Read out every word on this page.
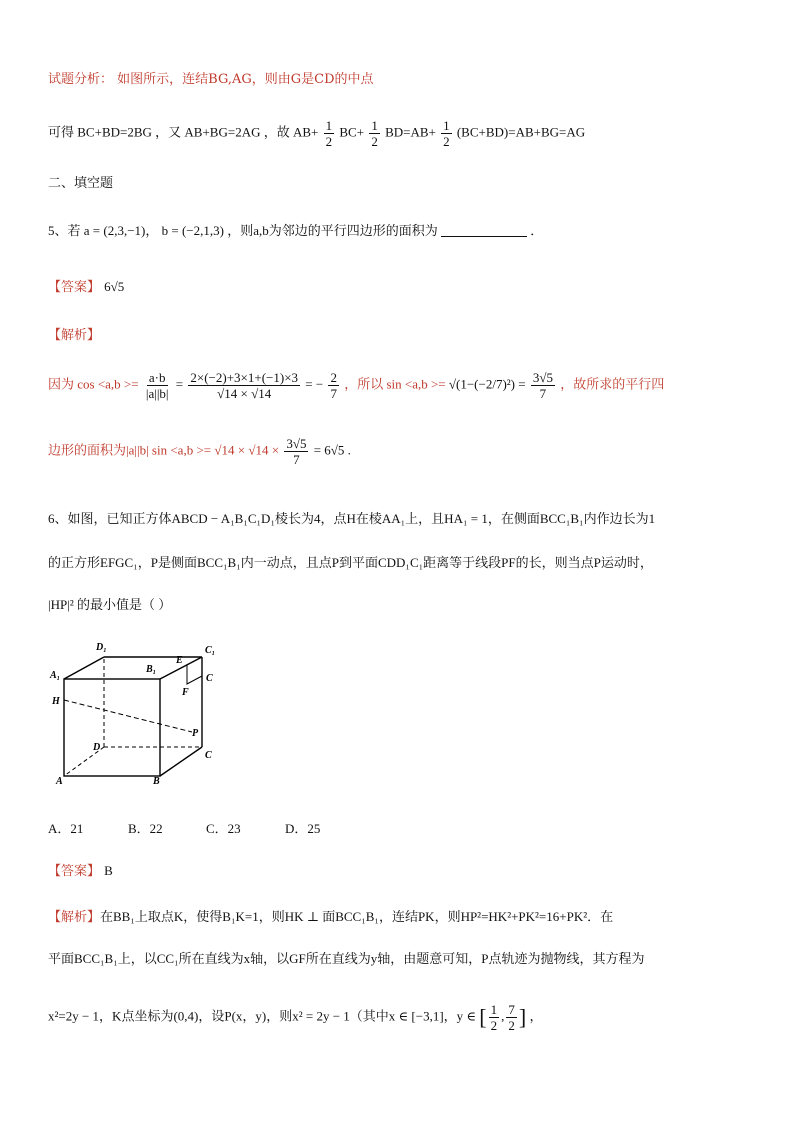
试题分析： 如图所示，连结BG,AG，则由G是CD的中点
可得 BC+BD=2BG ，又 AB+BG=2AG ，故 $AB+ \frac{1}{2} BC+ \frac{1}{2} BD=AB+ \frac{1}{2} (BC+BD)=AB+BG=AG$
二、填空题
5、若 a = (2,3,−1)， b = (−2,1,3) ，则a,b为邻边的平行四边形的面积为	．
【答案】 6√5
【解析】
因为 $\cos <a,b >= \frac{a\cdot b}{|a||b|} = \frac{2\times(-2)+3\times 1+(-1)\times 3}{√14 \times √14}$ = − $\frac{2}{7}$ ，所以 $\sin <a,b >= √(1-(-2/7)^2) = \frac{3√5}{7}$ ，故所求的平行四
边形的面积为|a||b| $\sin <a,b >= √14 \times √14 \times \frac{3√5}{7} = 6√5$ .
6、如图，已知正方体ABCD − A₁B₁C₁D₁棱长为4，点H在棱AA₁上，且HA₁ = 1，在侧面BCC₁B₁内作边长为1
的正方形EFGC₁，P是侧面BCC₁B₁内一动点，且点P到平面CDD₁C₁距离等于线段PF的长，则当点P运动时，
|HP|² 的最小值是（ ）
D₁	C₁
A₁
B₁
E
C
F
H
P
D
C
A	B
A．21	B．22	C．23	D．25
【答案】 B
【解析】在BB₁上取点K，使得B₁K=1，则HK ⊥ 面BCC₁B₁，连结PK，则HP²=HK²+PK²=16+PK²．在
平面BCC₁B₁上，以CC₁所在直线为x轴，以GF所在直线为y轴，由题意可知，P点轨迹为抛物线，其方程为
x²=2y − 1，K点坐标为(0,4)，设P(x，y)，则x² = 2y − 1（其中x ∈ [−3,1]，y ∈ [ $\frac{1}{2}$ , $\frac{7}{2}$ ] ，
